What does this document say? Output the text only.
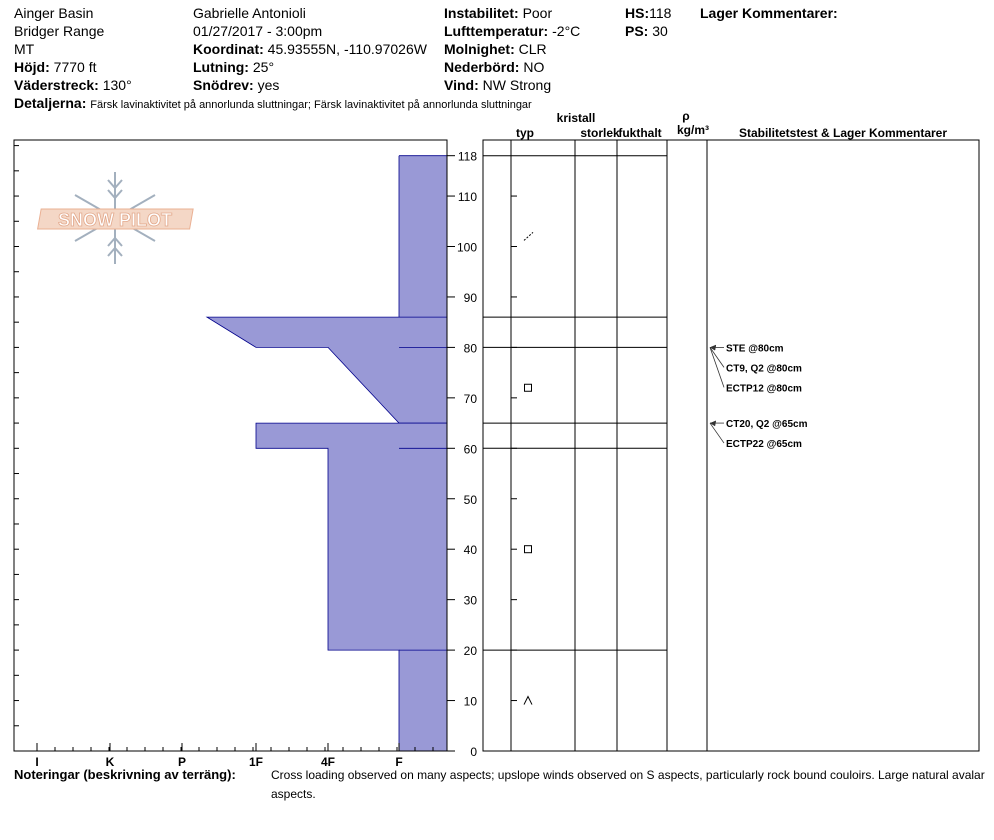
Ainger Basin
Bridger Range
MT
Höjd: 7770 ft
Väderstreck: 130°
Gabrielle Antonioli
01/27/2017 - 3:00pm
Koordinat: 45.93555N, -110.97026W
Lutning: 25°
Snödrev: yes
Instabilitet: Poor
Lufttemperatur: -2°C
Molnighet: CLR
Nederbörd: NO
Vind: NW Strong
HS:118
PS: 30
Lager Kommentarer:
Detaljerna: Färsk lavinaktivitet på annorlunda sluttningar; Färsk lavinaktivitet på annorlunda sluttningar
SNOW PILOT
I	K	P	1F	4F	F
0
10
20
30
40
50
60
70
80
90
100
110
118
typ
kristall
storlek
fukthalt
ρ
kg/m³ Stabilitetstest & Lager Kommentarer
STE @80cm
CT9, Q2 @80cm
ECTP12 @80cm
CT20, Q2 @65cm
ECTP22 @65cm
Noteringar (beskrivning av terräng):	Cross loading observed on many aspects; upslope winds observed on S aspects, particularly rock bound couloirs. Large natural avalar
aspects.
